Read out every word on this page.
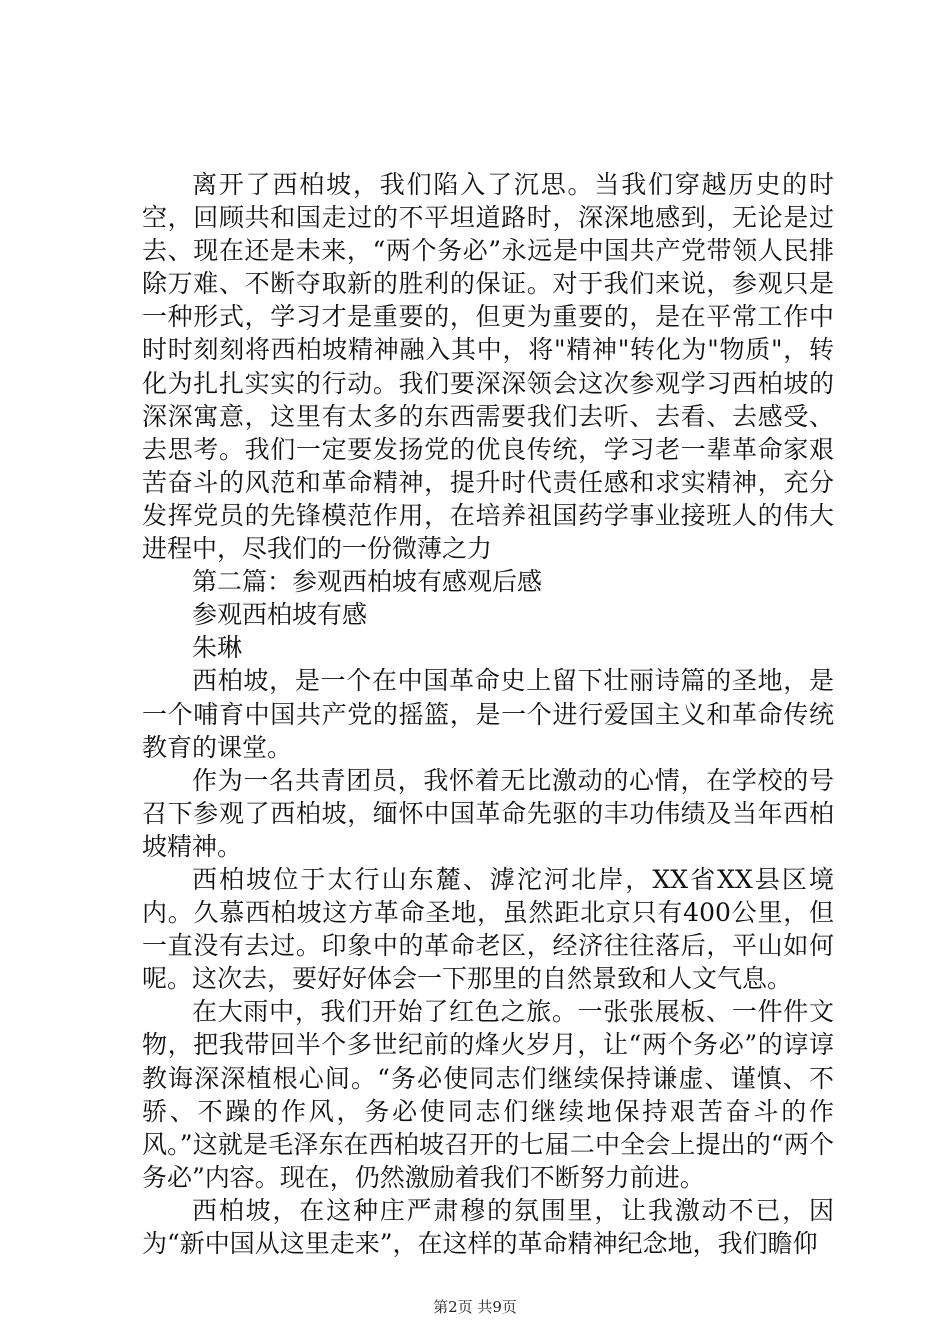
离开了西柏坡，我们陷入了沉思。当我们穿越历史的时空，回顾共和国走过的不平坦道路时，深深地感到，无论是过去、现在还是未来，“两个务必”永远是中国共产党带领人民排除万难、不断夺取新的胜利的保证。对于我们来说，参观只是一种形式，学习才是重要的，但更为重要的，是在平常工作中时时刻刻将西柏坡精神融入其中，将"精神"转化为"物质"，转化为扎扎实实的行动。我们要深深领会这次参观学习西柏坡的深深寓意，这里有太多的东西需要我们去听、去看、去感受、去思考。我们一定要发扬党的优良传统，学习老一辈革命家艰苦奋斗的风范和革命精神，提升时代责任感和求实精神，充分发挥党员的先锋模范作用，在培养祖国药学事业接班人的伟大进程中，尽我们的一份微薄之力

第二篇：参观西柏坡有感观后感

参观西柏坡有感

朱琳

西柏坡，是一个在中国革命史上留下壮丽诗篇的圣地，是一个哺育中国共产党的摇篮，是一个进行爱国主义和革命传统教育的课堂。

作为一名共青团员，我怀着无比激动的心情，在学校的号召下参观了西柏坡，缅怀中国革命先驱的丰功伟绩及当年西柏坡精神。

西柏坡位于太行山东麓、滹沱河北岸，XX省XX县区境内。久慕西柏坡这方革命圣地，虽然距北京只有400公里，但一直没有去过。印象中的革命老区，经济往往落后，平山如何呢。这次去，要好好体会一下那里的自然景致和人文气息。

在大雨中，我们开始了红色之旅。一张张展板、一件件文物，把我带回半个多世纪前的烽火岁月，让“两个务必”的谆谆教诲深深植根心间。“务必使同志们继续保持谦虚、谨慎、不骄、不躁的作风，务必使同志们继续地保持艰苦奋斗的作风。”这就是毛泽东在西柏坡召开的七届二中全会上提出的“两个务必”内容。现在，仍然激励着我们不断努力前进。

西柏坡，在这种庄严肃穆的氛围里，让我激动不已，因为“新中国从这里走来”，在这样的革命精神纪念地，我们瞻仰

第2页 共9页
